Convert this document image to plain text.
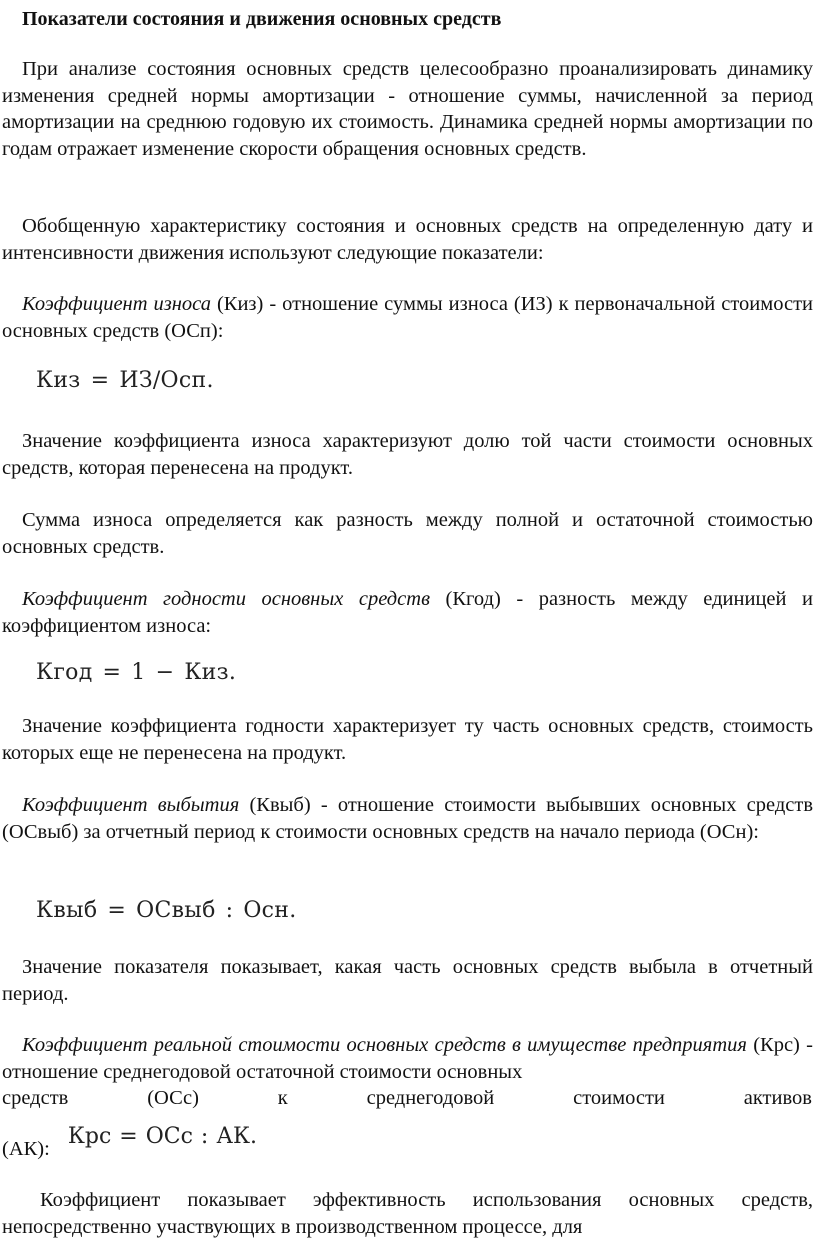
Показатели состояния и движения основных средств

При анализе состояния основных средств целесообразно проанализировать динамику изменения средней нормы амортизации - отношение суммы, начисленной за период амортизации на среднюю годовую их стоимость. Динамика средней нормы амортизации по годам отражает изменение скорости обращения основных средств.

Обобщенную характеристику состояния и основных средств на определенную дату и интенсивности движения используют следующие показатели:

Коэффициент износа (Киз) - отношение суммы износа (ИЗ) к первоначальной стоимости основных средств (ОСп):

Киз = ИЗ/Осп.

Значение коэффициента износа характеризуют долю той части стоимости основных средств, которая перенесена на продукт.

Сумма износа определяется как разность между полной и остаточной стоимостью основных средств.

Коэффициент годности основных средств (Кгод) - разность между единицей и коэффициентом износа:

Кгод = 1 − Киз.

Значение коэффициента годности характеризует ту часть основных средств, стоимость которых еще не перенесена на продукт.

Коэффициент выбытия (Квыб) - отношение стоимости выбывших основных средств (ОСвыб) за отчетный период к стоимости основных средств на начало периода (ОСн):

Квыб = ОСвыб : Осн.

Значение показателя показывает, какая часть основных средств выбыла в отчетный период.

Коэффициент реальной стоимости основных средств в имуществе предприятия (Крс) - отношение среднегодовой остаточной стоимости основных

средств	(ОСс)	к	среднегодовой	стоимости	активов
(АК): Крс = ОСс : АК.

Коэффициент показывает эффективность использования основных средств, непосредственно участвующих в производственном процессе, для
